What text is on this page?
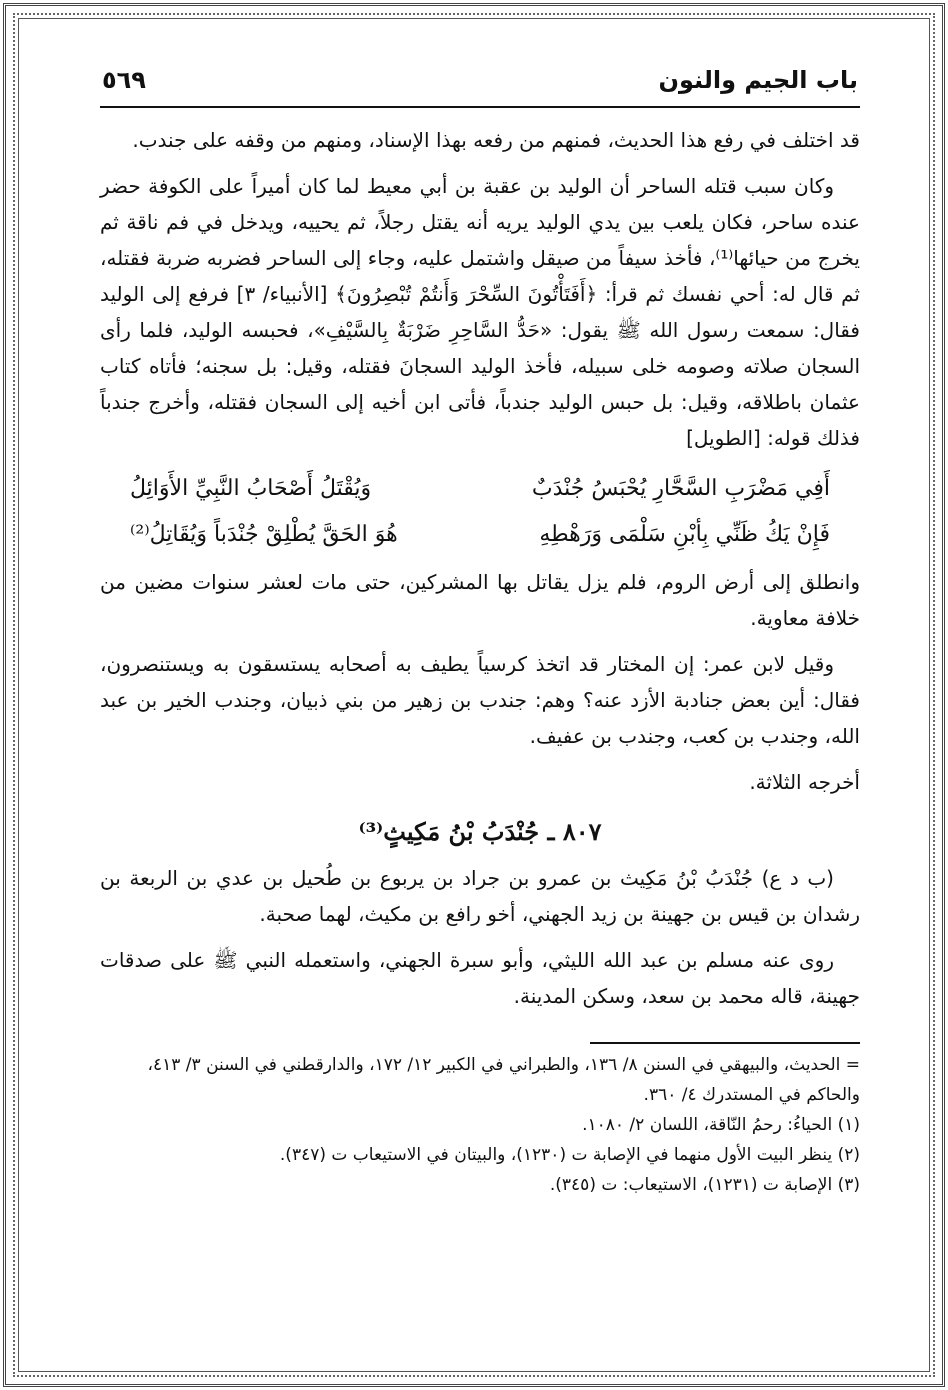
باب الجيم والنون
٥٦٩

قد اختلف في رفع هذا الحديث، فمنهم من رفعه بهذا الإسناد، ومنهم من وقفه على جندب.

وكان سبب قتله الساحر أن الوليد بن عقبة بن أبي معيط لما كان أميراً على الكوفة حضر عنده ساحر، فكان يلعب بين يدي الوليد يريه أنه يقتل رجلاً، ثم يحييه، ويدخل في فم ناقة ثم يخرج من حيائها⁽¹⁾، فأخذ سيفاً من صيقل واشتمل عليه، وجاء إلى الساحر فضربه ضربة فقتله، ثم قال له: أحي نفسك ثم قرأ: ﴿أَفَتَأْتُونَ السِّحْرَ وَأَنتُمْ تُبْصِرُونَ﴾ [الأنبياء/ ٣] فرفع إلى الوليد فقال: سمعت رسول الله ﷺ يقول: «حَدُّ السَّاحِرِ ضَرْبَةٌ بِالسَّيْفِ»، فحبسه الوليد، فلما رأى السجان صلاته وصومه خلى سبيله، فأخذ الوليد السجانَ فقتله، وقيل: بل سجنه؛ فأتاه كتاب عثمان باطلاقه، وقيل: بل حبس الوليد جندباً، فأتى ابن أخيه إلى السجان فقتله، وأخرج جندباً فذلك قوله: [الطويل]

أَفِي مَضْرَبِ السَّحَّارِ يُحْبَسُ جُنْدَبٌ
وَيُقْتَلُ أَصْحَابُ النَّبِيِّ الأَوَائِلُ
فَإِنْ يَكُ ظَنِّي بِأبْنِ سَلْمَى وَرَهْطِهِ
هُوَ الحَقَّ يُطْلِقْ جُنْدَباً وَيُقَاتِلُ⁽²⁾

وانطلق إلى أرض الروم، فلم يزل يقاتل بها المشركين، حتى مات لعشر سنوات مضين من خلافة معاوية.

وقيل لابن عمر: إن المختار قد اتخذ كرسياً يطيف به أصحابه يستسقون به ويستنصرون، فقال: أين بعض جنادبة الأزد عنه؟ وهم: جندب بن زهير من بني ذبيان، وجندب الخير بن عبد الله، وجندب بن كعب، وجندب بن عفيف.

أخرجه الثلاثة.

٨٠٧ ـ جُنْدَبُ بْنُ مَكِيثٍ⁽³⁾

(ب د ع) جُنْدَبُ بْنُ مَكِيث بن عمرو بن جراد بن يربوع بن طُحيل بن عدي بن الربعة بن رشدان بن قيس بن جهينة بن زيد الجهني، أخو رافع بن مكيث، لهما صحبة.

روى عنه مسلم بن عبد الله الليثي، وأبو سبرة الجهني، واستعمله النبي ﷺ على صدقات جهينة، قاله محمد بن سعد، وسكن المدينة.

= الحديث، والبيهقي في السنن ٨/ ١٣٦، والطبراني في الكبير ١٢/ ١٧٢، والدارقطني في السنن ٣/ ٤١٣، والحاكم في المستدرك ٤/ ٣٦٠.
(١) الحياءُ: رحمُ النّاقة، اللسان ٢/ ١٠٨٠.
(٢) ينظر البيت الأول منهما في الإصابة ت (١٢٣٠)، والبيتان في الاستيعاب ت (٣٤٧).
(٣) الإصابة ت (١٢٣١)، الاستيعاب: ت (٣٤٥).
